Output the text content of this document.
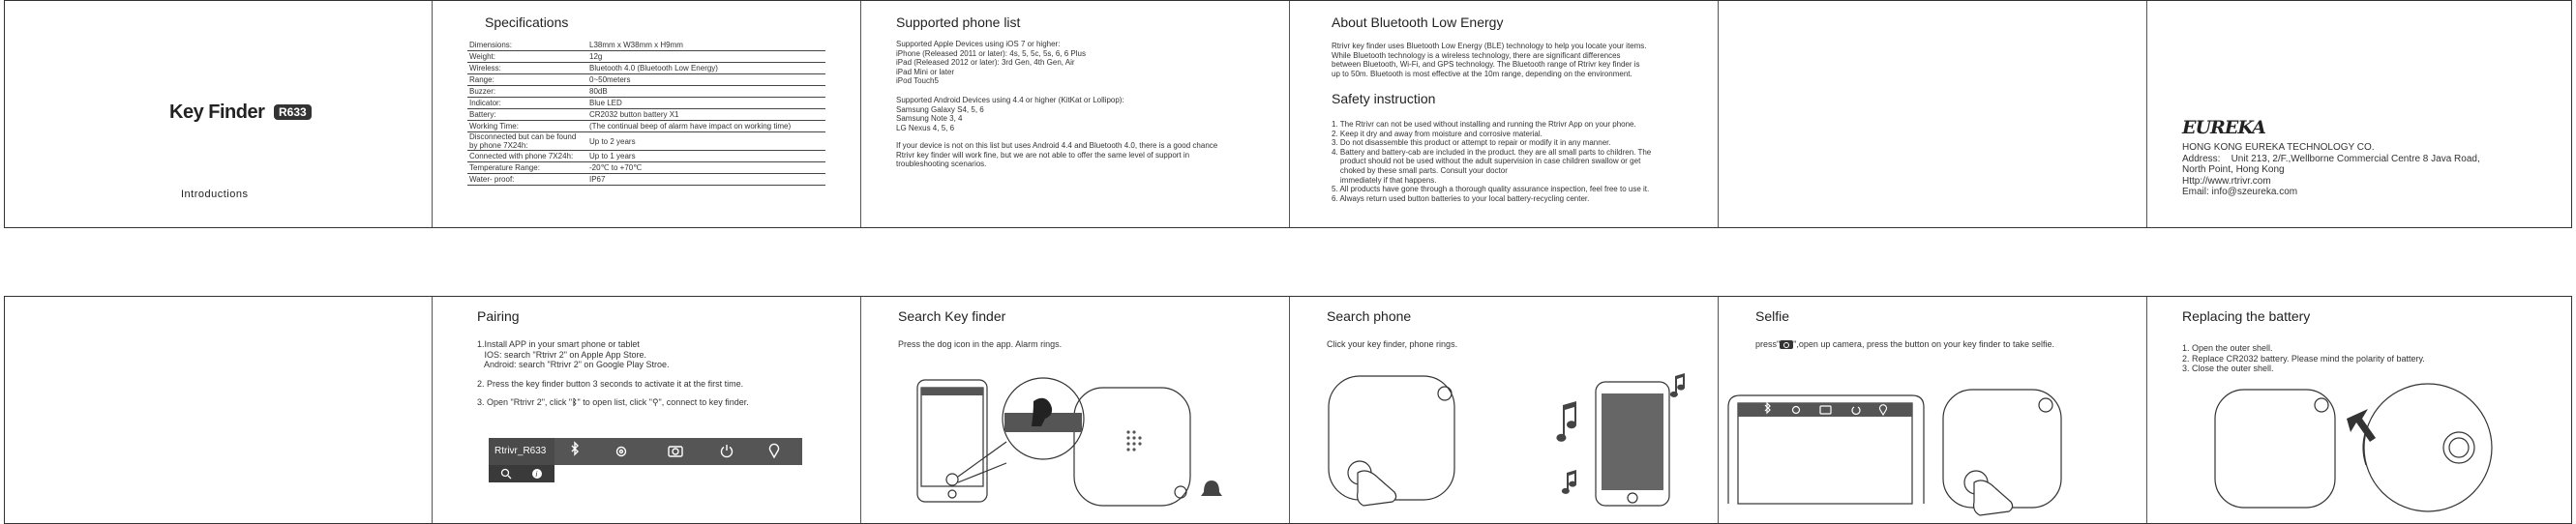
Key Finder	R633
Introductions
Specifications
Dimensions:	L38mm x W38mm x H9mm
Weight:	12g
Wireless:	Bluetooth 4.0 (Bluetooth Low Energy)
Range:	0~50meters
Buzzer:	80dB
Indicator:	Blue LED
Battery:	CR2032 button battery X1
Working Time:	(The continual beep of alarm have impact on working time)
Disconnected but can be found by phone 7X24h:	Up to 2 years
Connected with phone 7X24h:	Up to 1 years
Temperature Range:	-20℃ to +70℃
Water- proof:	IP67
Supported phone list
Supported Apple Devices using iOS 7 or higher:
iPhone (Released 2011 or later): 4s, 5, 5c, 5s, 6, 6 Plus
iPad (Released 2012 or later): 3rd Gen, 4th Gen, Air
iPad Mini or later
iPod Touch5
Supported Android Devices using 4.4 or higher (KitKat or Lollipop):
Samsung Galaxy S4, 5, 6
Samsung Note 3, 4
LG Nexus 4, 5, 6
If your device is not on this list but uses Android 4.4 and Bluetooth 4.0, there is a good chance
Rtrivr key finder will work fine, but we are not able to offer the same level of support in
troubleshooting scenarios.
About Bluetooth Low Energy
Rtrivr key finder uses Bluetooth Low Energy (BLE) technology to help you locate your items.
While Bluetooth technology is a wireless technology, there are significant differences
between Bluetooth, Wi-Fi, and GPS technology. The Bluetooth range of Rtrivr key finder is
up to 50m. Bluetooth is most effective at the 10m range, depending on the environment.
Safety instruction
1. The Rtrivr can not be used without installing and running the Rtrivr App on your phone.
2. Keep it dry and away from moisture and corrosive material.
3. Do not disassemble this product or attempt to repair or modify it in any manner.
4. Battery and battery-cab are included in the product. they are all small parts to children. The
product should not be used without the adult supervision in case children swallow or get
choked by these small parts. Consult your doctor
immediately if that happens.
5. All products have gone through a thorough quality assurance inspection, feel free to use it.
6. Always return used button batteries to your local battery-recycling center.
EUREKA
HONG KONG EUREKA TECHNOLOGY CO.
Address:    Unit 213, 2/F.,Wellborne Commercial Centre 8 Java Road,
North Point, Hong Kong
Http://www.rtrivr.com
Email: info@szeureka.com
Pairing
1.Install APP in your smart phone or tablet
IOS: search "Rtrivr 2" on Apple App Store.
Android: search "Rtrivr 2" on Google Play Stroe.
2. Press the key finder button 3 seconds to activate it at the first time.
3. Open "Rtrivr 2", click "ᛒ" to open list, click "⚲", connect to key finder.
Rtrivr_R633
i
Search Key finder
Press the dog icon in the app. Alarm rings.
Search phone
Click your key finder, phone rings.
Selfie
press" ",open up camera, press the button on your key finder to take selfie.
Replacing the battery
1. Open the outer shell.
2. Replace CR2032 battery. Please mind the polarity of battery.
3. Close the outer shell.
